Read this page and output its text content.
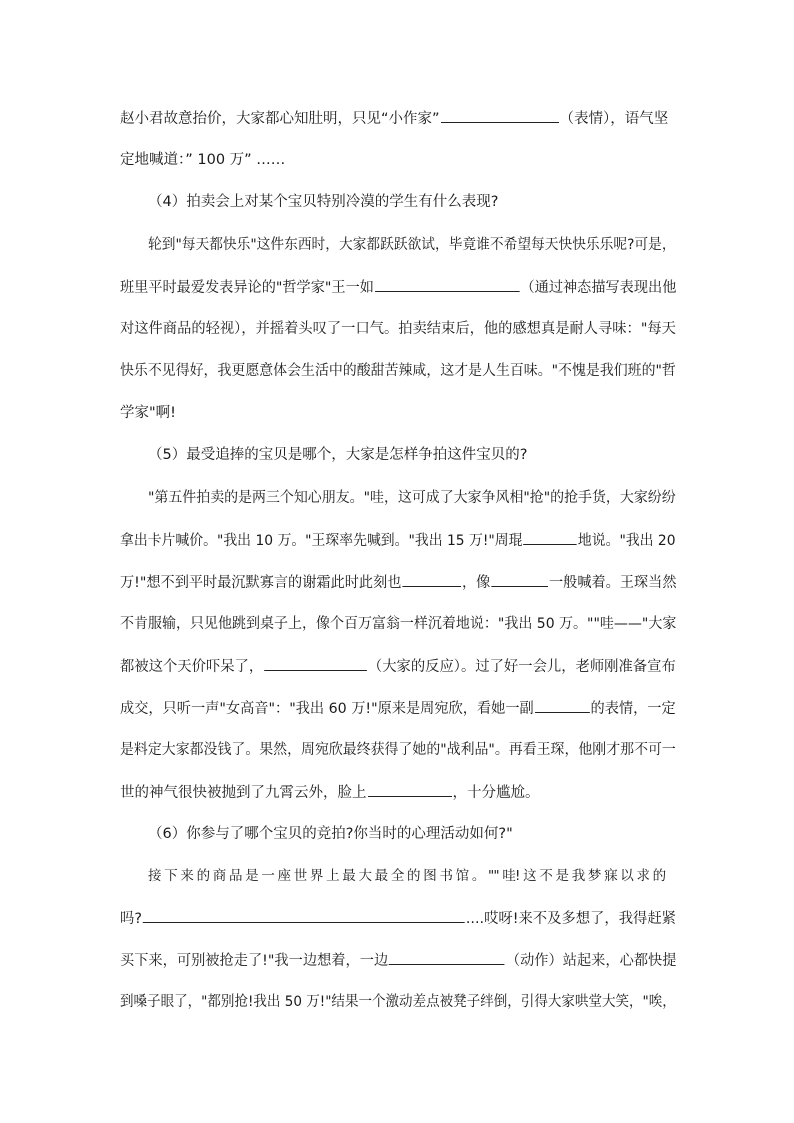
赵小君故意抬价，大家都心知肚明，只见“小作家”	（表情），语气坚
定地喊道：” 100 万” ……
（4）拍卖会上对某个宝贝特别冷漠的学生有什么表现?
轮到"每天都快乐"这件东西时，大家都跃跃欲试，毕竟谁不希望每天快快乐乐呢?可是，
班里平时最爱发表异论的"哲学家"王一如	（通过神态描写表现出他
对这件商品的轻视），并摇着头叹了一口气。拍卖结束后，他的感想真是耐人寻味："每天
快乐不见得好，我更愿意体会生活中的酸甜苦辣咸，这才是人生百味。"不愧是我们班的"哲
学家"啊!
（5）最受追捧的宝贝是哪个，大家是怎样争拍这件宝贝的?
"第五件拍卖的是两三个知心朋友。"哇，这可成了大家争风相"抢"的抢手货，大家纷纷
拿出卡片喊价。"我出 10 万。"王琛率先喊到。"我出 15 万!"周琨	地说。"我出 20
万!"想不到平时最沉默寡言的谢霜此时此刻也	，像	一般喊着。王琛当然
不肯服输，只见他跳到桌子上，像个百万富翁一样沉着地说："我出 50 万。""哇——"大家
都被这个天价吓呆了，	（大家的反应）。过了好一会儿，老师刚准备宣布
成交，只听一声"女高音"："我出 60 万!"原来是周宛欣，看她一副	的表情，一定
是料定大家都没钱了。果然，周宛欣最终获得了她的"战利品"。再看王琛，他刚才那不可一
世的神气很快被抛到了九霄云外，脸上	，十分尴尬。
（6）你参与了哪个宝贝的竞拍?你当时的心理活动如何?"
接 下 来 的 商 品 是 一 座 世 界 上 最 大 最 全 的 图 书 馆 。 "" 哇! 这 不 是 我 梦 寐 以 求 的
吗?	....哎呀!来不及多想了，我得赶紧
买下来，可别被抢走了!"我一边想着，一边	（动作）站起来，心都快提
到嗓子眼了，"都别抢!我出 50 万!"结果一个激动差点被凳子绊倒，引得大家哄堂大笑，"唉，
